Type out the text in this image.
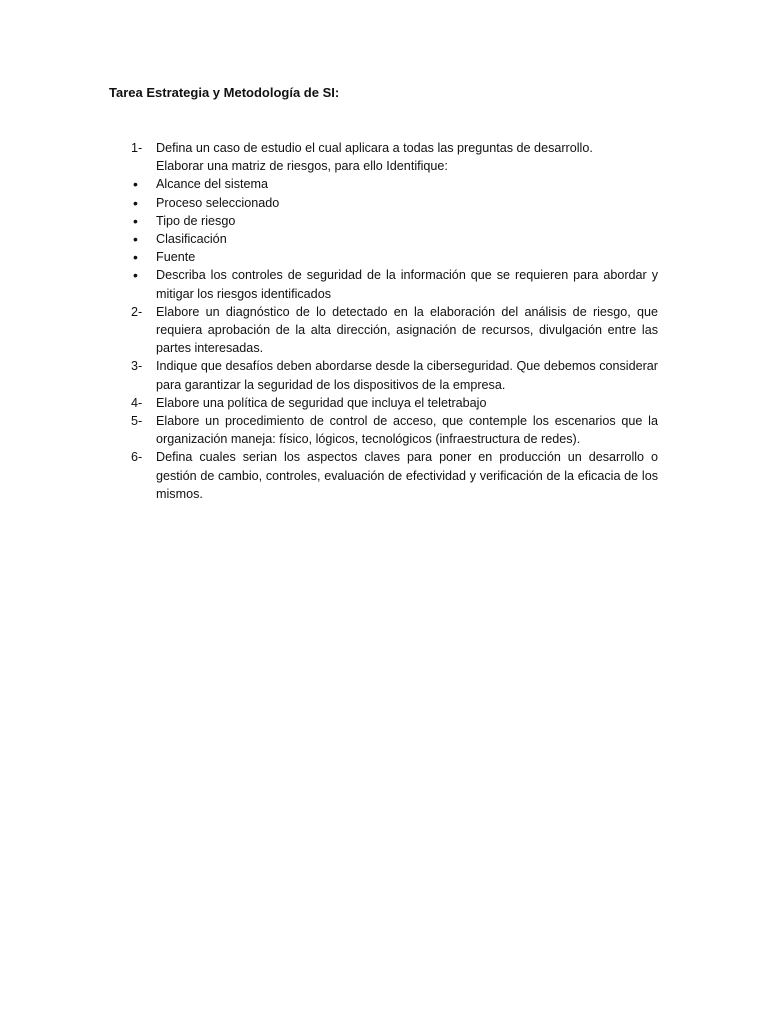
Tarea Estrategia y Metodología de SI:
1-	Defina un caso de estudio el cual aplicara a todas las preguntas de desarrollo.
Elaborar una matriz de riesgos, para ello Identifique:
•	Alcance del sistema
•	Proceso seleccionado
•	Tipo de riesgo
•	Clasificación
•	Fuente
•	Describa los controles de seguridad de la información que se requieren para abordar y mitigar los riesgos identificados
2-	Elabore un diagnóstico de lo detectado en la elaboración del análisis de riesgo, que requiera aprobación de la alta dirección, asignación de recursos, divulgación entre las partes interesadas.
3-	Indique que desafíos deben abordarse desde la ciberseguridad. Que debemos considerar para garantizar la seguridad de los dispositivos de la empresa.
4-	Elabore una política de seguridad que incluya el teletrabajo
5-	Elabore un procedimiento de control de acceso, que contemple los escenarios que la organización maneja: físico, lógicos, tecnológicos (infraestructura de redes).
6-	Defina cuales serian los aspectos claves para poner en producción un desarrollo o gestión de cambio, controles, evaluación de efectividad y verificación de la eficacia de los mismos.
